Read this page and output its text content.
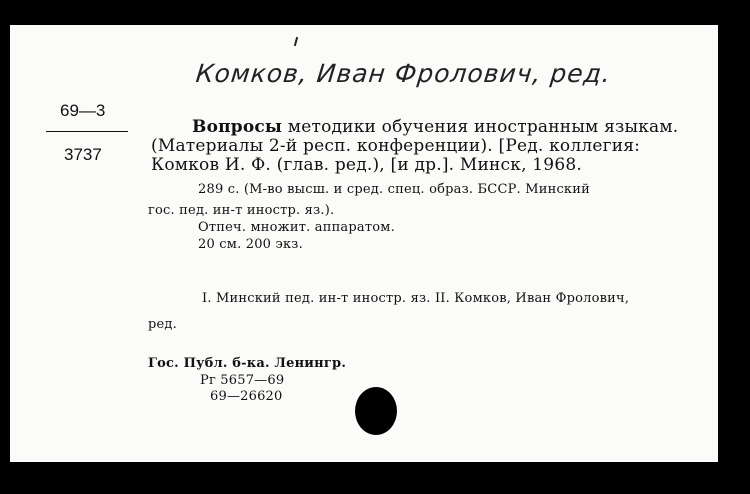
Комков, Иван Фролович, ред.
69—3
3737
Вопросы методики обучения иностранным языкам.
(Материалы 2-й респ. конференции). [Ред. коллегия:
Комков И. Ф. (глав. ред.), [и др.]. Минск, 1968.
289 с. (М-во высш. и сред. спец. образ. БССР. Минский
гос. пед. ин-т иностр. яз.).
Отпеч. множит. аппаратом.
20 см. 200 экз.
I. Минский пед. ин-т иностр. яз. II. Комков, Иван Фролович,
ред.
Гос. Публ. б-ка. Ленингр.
Рг 5657—69
69—26620
